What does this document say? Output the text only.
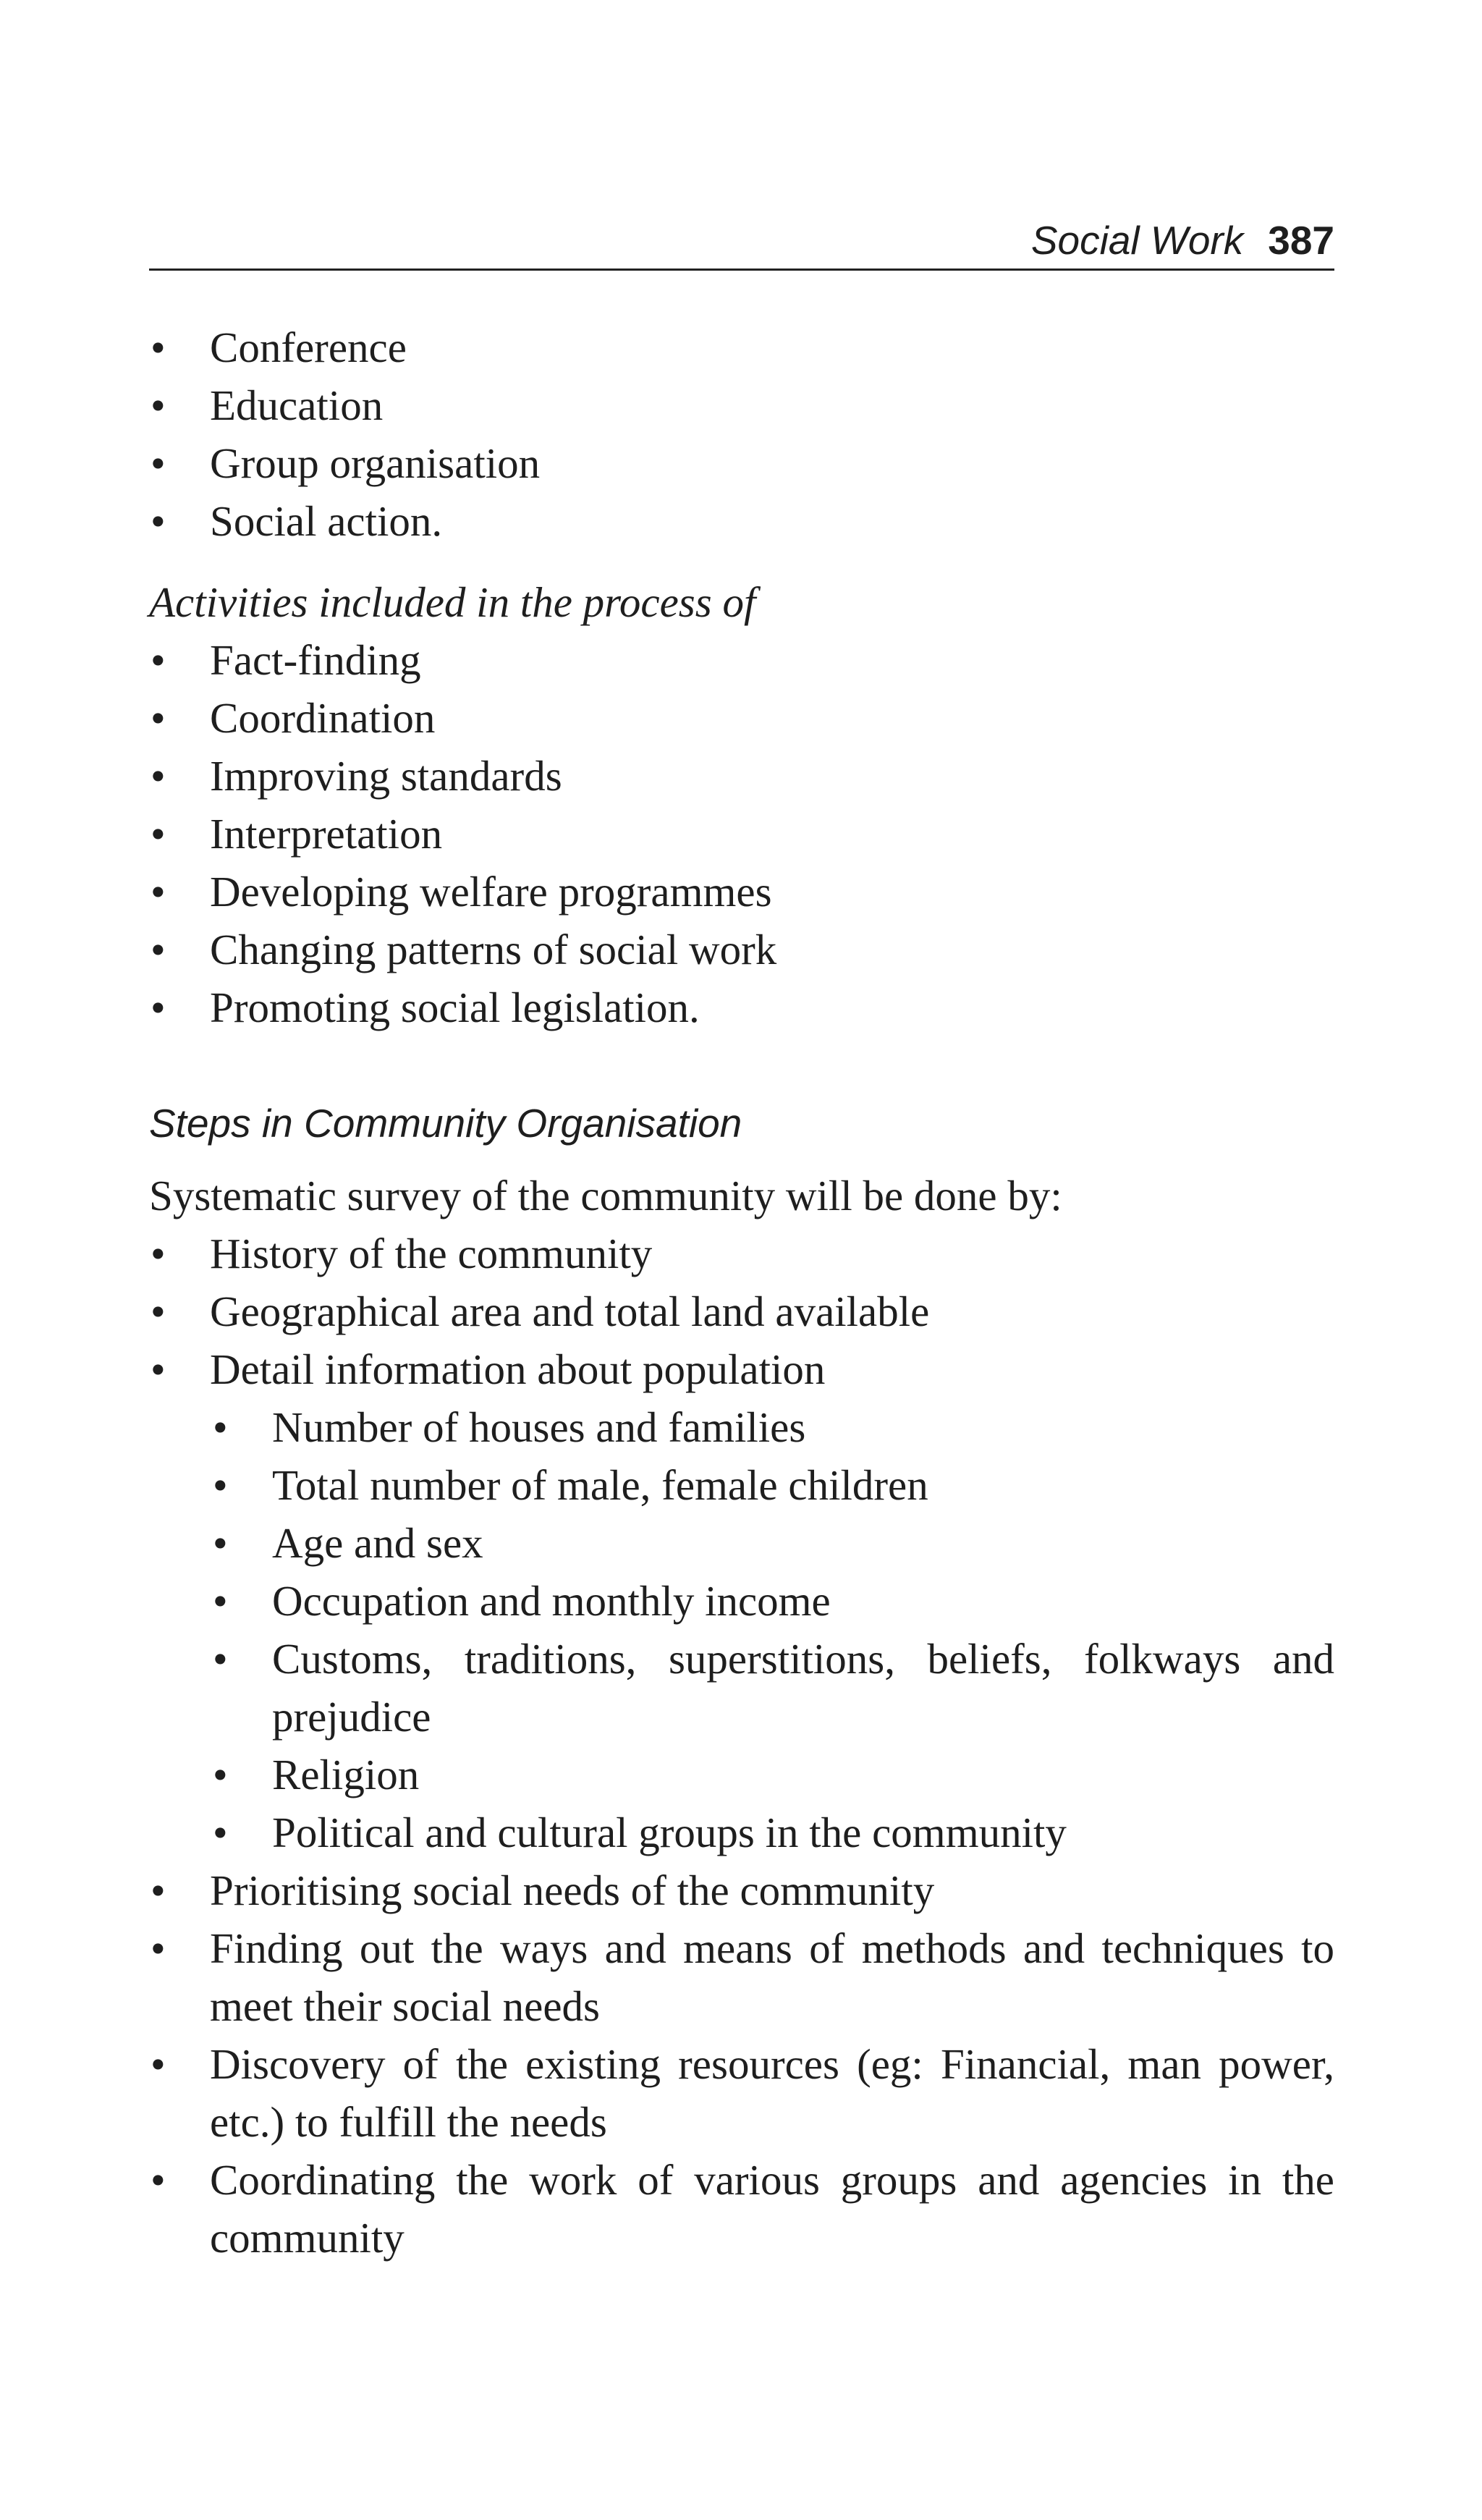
Social Work 387
• Conference
• Education
• Group organisation
• Social action.
Activities included in the process of
• Fact-finding
• Coordination
• Improving standards
• Interpretation
• Developing welfare programmes
• Changing patterns of social work
• Promoting social legislation.
Steps in Community Organisation
Systematic survey of the community will be done by:
• History of the community
• Geographical area and total land available
• Detail information about population
• Number of houses and families
• Total number of male, female children
• Age and sex
• Occupation and monthly income
• Customs, traditions, superstitions, beliefs, folkways and prejudice
• Religion
• Political and cultural groups in the community
• Prioritising social needs of the community
• Finding out the ways and means of methods and techniques to meet their social needs
• Discovery of the existing resources (eg: Financial, man power, etc.) to fulfill the needs
• Coordinating the work of various groups and agencies in the community
